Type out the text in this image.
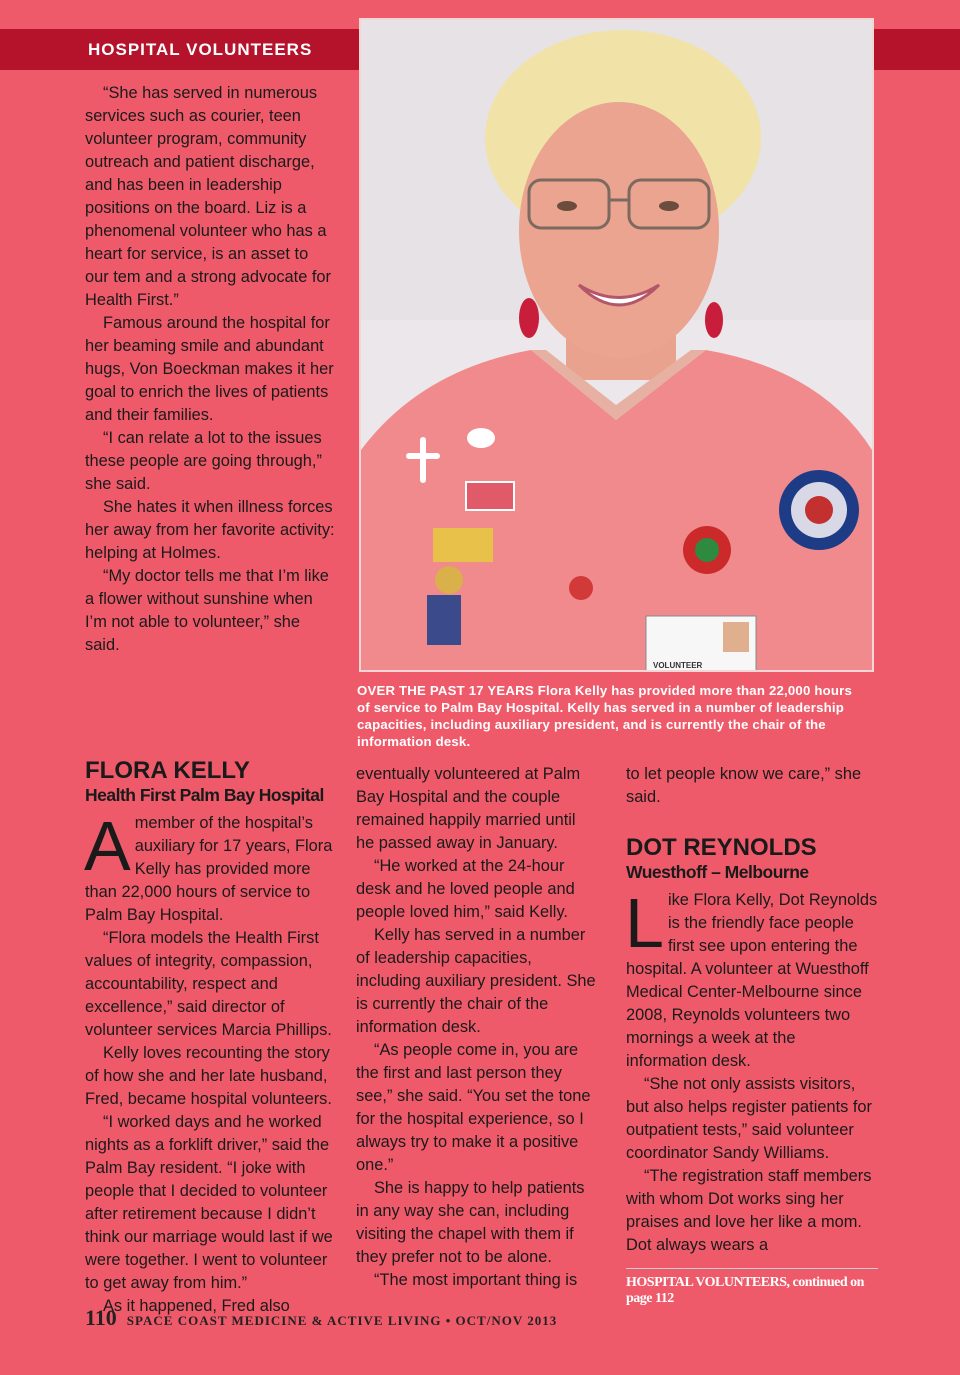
HOSPITAL VOLUNTEERS

“She has served in numerous services such as courier, teen volunteer program, community outreach and patient discharge, and has been in leadership positions on the board. Liz is a phenomenal volunteer who has a heart for service, is an asset to our tem and a strong advocate for Health First.”

Famous around the hospital for her beaming smile and abundant hugs, Von Boeckman makes it her goal to enrich the lives of patients and their families.

“I can relate a lot to the issues these people are going through,” she said.

She hates it when illness forces her away from her favorite activity: helping at Holmes.

“My doctor tells me that I’m like a flower without sunshine when I’m not able to volunteer,” she said.

FLORA KELLY
Health First Palm Bay Hospital

Amember of the hospital’s auxiliary for 17 years, Flora Kelly has provided more than 22,000 hours of service to Palm Bay Hospital.

“Flora models the Health First values of integrity, compassion, accountability, respect and excellence,” said director of volunteer services Marcia Phillips.

Kelly loves recounting the story of how she and her late husband, Fred, became hospital volunteers.

“I worked days and he worked nights as a forklift driver,” said the Palm Bay resident. “I joke with people that I decided to volunteer after retirement because I didn’t think our marriage would last if we were together. I went to volunteer to get away from him.”

As it happened, Fred also

VOLUNTEER
OVER THE PAST 17 YEARS Flora Kelly has provided more than 22,000 hours of service to Palm Bay Hospital. Kelly has served in a number of leadership capacities, including auxiliary president, and is currently the chair of the information desk.

eventually volunteered at Palm Bay Hospital and the couple remained happily married until he passed away in January.

“He worked at the 24-hour desk and he loved people and people loved him,” said Kelly.

Kelly has served in a number of leadership capacities, including auxiliary president. She is currently the chair of the information desk.

“As people come in, you are the first and last person they see,” she said. “You set the tone for the hospital experience, so I always try to make it a positive one.”

She is happy to help patients in any way she can, including visiting the chapel with them if they prefer not to be alone.

“The most important thing is

to let people know we care,” she said.

DOT REYNOLDS
Wuesthoff – Melbourne

Like Flora Kelly, Dot Reynolds is the friendly face people first see upon entering the hospital. A volunteer at Wuesthoff Medical Center-Melbourne since 2008, Reynolds volunteers two mornings a week at the information desk.

“She not only assists visitors, but also helps register patients for outpatient tests,” said volunteer coordinator Sandy Williams.

“The registration staff members with whom Dot works sing her praises and love her like a mom. Dot always wears a

HOSPITAL VOLUNTEERS, continued on page 112
110 SPACE COAST MEDICINE & ACTIVE LIVING • OCT/NOV 2013
